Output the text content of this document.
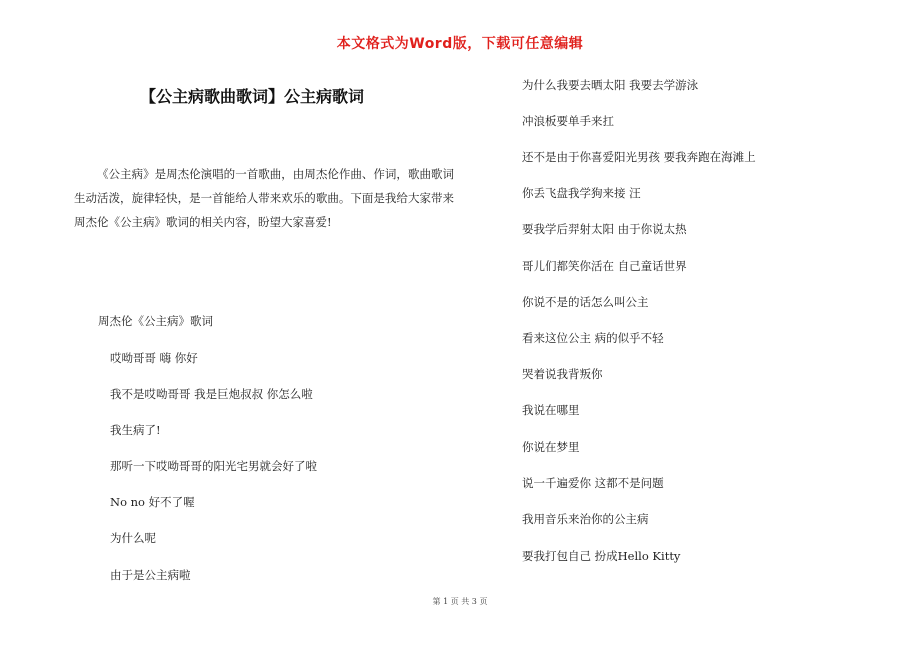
本文格式为Word版，下载可任意编辑
【公主病歌曲歌词】公主病歌词
《公主病》是周杰伦演唱的一首歌曲，由周杰伦作曲、作词，歌曲歌词生动活泼，旋律轻快，是一首能给人带来欢乐的歌曲。下面是我给大家带来周杰伦《公主病》歌词的相关内容，盼望大家喜爱!
周杰伦《公主病》歌词
哎呦哥哥 嗨 你好
我不是哎呦哥哥 我是巨炮叔叔 你怎么啦
我生病了!
那听一下哎呦哥哥的阳光宅男就会好了啦
No no 好不了喔
为什么呢
由于是公主病啦
为什么我要去晒太阳 我要去学游泳
冲浪板要单手来扛
还不是由于你喜爱阳光男孩 要我奔跑在海滩上
你丢飞盘我学狗来接 汪
要我学后羿射太阳 由于你说太热
哥儿们都笑你活在 自己童话世界
你说不是的话怎么叫公主
看来这位公主 病的似乎不轻
哭着说我背叛你
我说在哪里
你说在梦里
说一千遍爱你 这都不是问题
我用音乐来治你的公主病
要我打包自己 扮成Hello Kitty
第 1 页 共 3 页
